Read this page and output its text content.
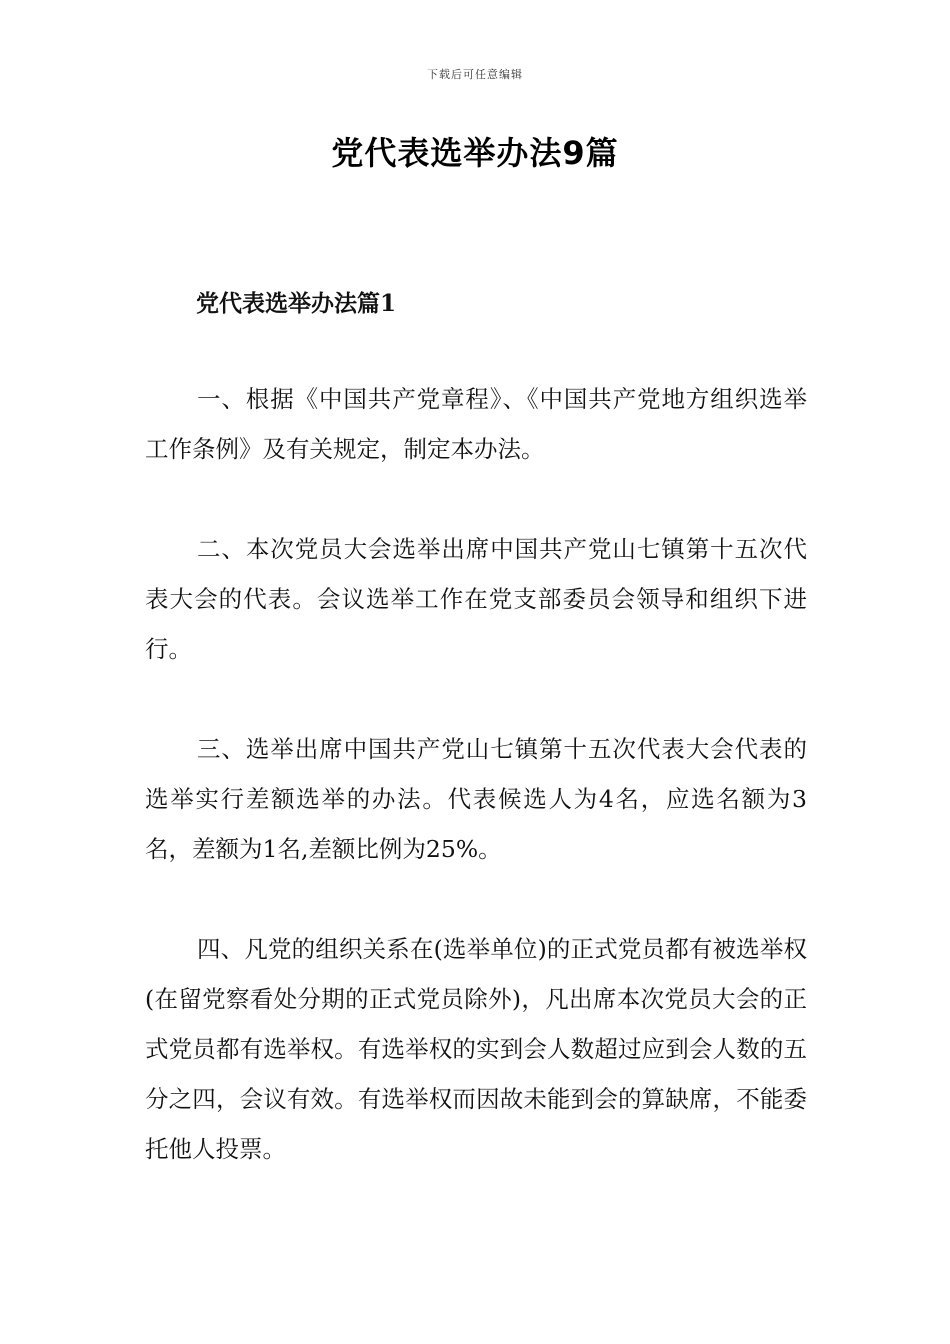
下载后可任意编辑
党代表选举办法9篇
党代表选举办法篇1

一、根据《中国共产党章程》、《中国共产党地方组织选举工作条例》及有关规定，制定本办法。

二、本次党员大会选举出席中国共产党山七镇第十五次代表大会的代表。会议选举工作在党支部委员会领导和组织下进行。

三、选举出席中国共产党山七镇第十五次代表大会代表的选举实行差额选举的办法。代表候选人为4名，应选名额为3名，差额为1名,差额比例为25%。

四、凡党的组织关系在(选举单位)的正式党员都有被选举权(在留党察看处分期的正式党员除外)，凡出席本次党员大会的正式党员都有选举权。有选举权的实到会人数超过应到会人数的五分之四，会议有效。有选举权而因故未能到会的算缺席，不能委托他人投票。
